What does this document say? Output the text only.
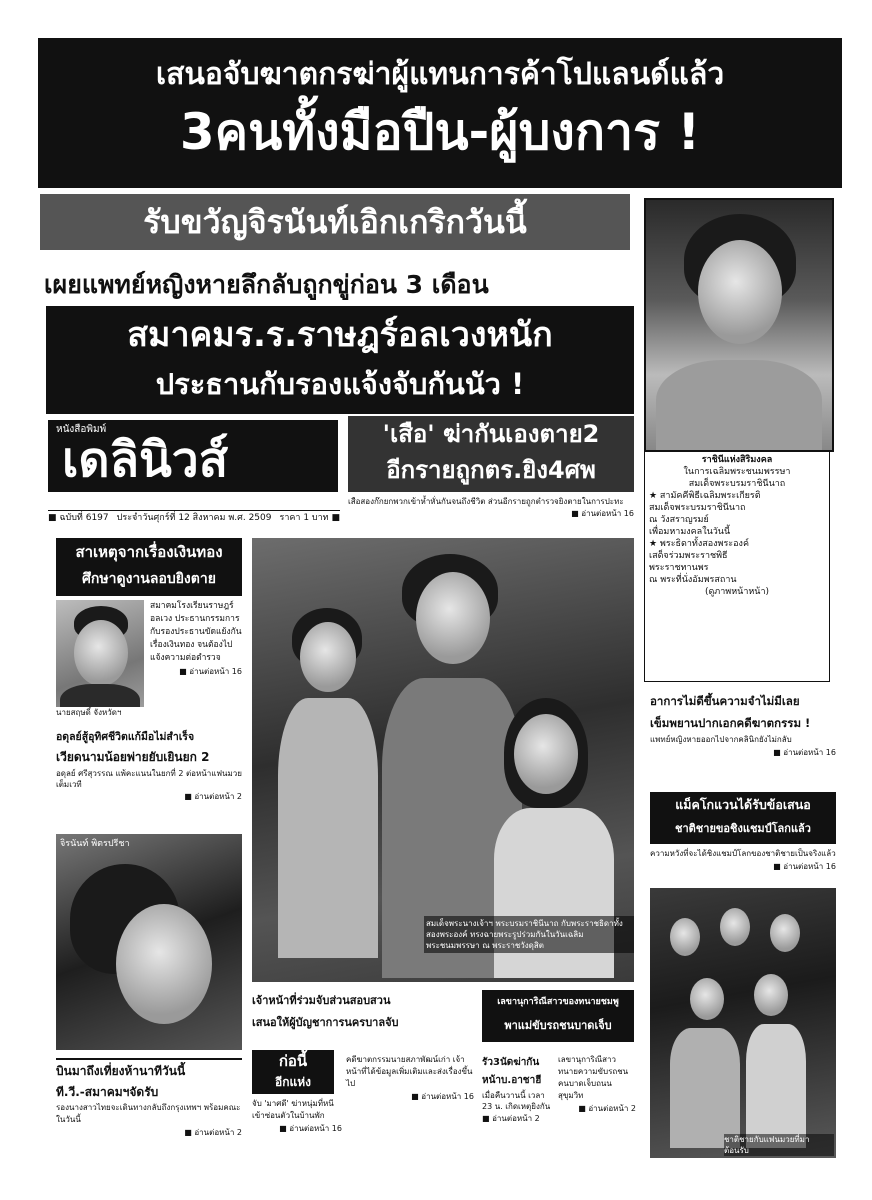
เสนอจับฆาตกรฆ่าผู้แทนการค้าโปแลนด์แล้ว
3คนทั้งมือปืน-ผู้บงการ !
รับขวัญจิรนันท์เอิกเกริกวันนี้
ราชินีแห่งสิริมงคล
ในการเฉลิมพระชนมพรรษา
สมเด็จพระบรมราชินีนาถ
★ สามัคคีพิธีเฉลิมพระเกียรติ
สมเด็จพระบรมราชินีนาถ
ณ วังสราญรมย์
เพื่อมหามงคลในวันนี้
★ พระธิดาทั้งสองพระองค์
เสด็จร่วมพระราชพิธี
พระราชทานพร
ณ พระที่นั่งอัมพรสถาน
(ดูภาพหน้าหน้า)
เผยแพทย์หญิงหายลึกลับถูกขู่ก่อน 3 เดือน
สมาคมร.ร.ราษฎร์อลเวงหนัก
ประธานกับรองแจ้งจับกันนัว !
หนังสือพิมพ์
เดลินิวส์
■ ฉบับที่ 6197 ประจำวันศุกร์ที่ 12 สิงหาคม พ.ศ. 2509 ราคา 1 บาท ■
'เสือ' ฆ่ากันเองตาย2
อีกรายถูกตร.ยิง4ศพ
เสือสองก๊กยกพวกเข้าห้ำหั่นกันจนถึงชีวิต ส่วนอีกรายถูกตำรวจยิงตายในการปะทะ
■ อ่านต่อหน้า 16
สาเหตุจากเรื่องเงินทอง
ศึกษาดูงานลอบยิงตาย
นายสฤษดิ์ จังหวัดฯ
สมาคมโรงเรียนราษฎร์ อลเวง ประธานกรรมการกับรองประธานขัดแย้งกันเรื่องเงินทอง จนต้องไปแจ้งความต่อตำรวจ
■ อ่านต่อหน้า 16
อดุลย์สู้อุทิศชีวิตแก้มือไม่สำเร็จ
เวียดนามน้อยพ่ายยับเยินยก 2
อดุลย์ ศรีสุวรรณ แพ้คะแนนในยกที่ 2 ต่อหน้าแฟนมวยเต็มเวที
■ อ่านต่อหน้า 2
จิรนันท์ พิตรปรีชา
สมเด็จพระนางเจ้าฯ พระบรมราชินีนาถ กับพระราชธิดาทั้งสองพระองค์ ทรงฉายพระรูปร่วมกันในวันเฉลิมพระชนมพรรษา ณ พระราชวังดุสิต
อาการไม่ดีขึ้นความจำไม่มีเลย
เข็มพยานปากเอกคดีฆาตกรรม !
แพทย์หญิงหายออกไปจากคลินิกยังไม่กลับ
■ อ่านต่อหน้า 16
แม็คโกแวนได้รับข้อเสนอ
ชาติชายขอชิงแชมป์โลกแล้ว
ความหวังที่จะได้ชิงแชมป์โลกของชาติชายเป็นจริงแล้ว
■ อ่านต่อหน้า 16
ชาติชายกับแฟนมวยที่มาต้อนรับ
บินมาถึงเที่ยงห้านาทีวันนี้
ที.วี.-สมาคมฯจัดรับ
รองนางสาวไทยจะเดินทางกลับถึงกรุงเทพฯ พร้อมคณะในวันนี้
■ อ่านต่อหน้า 2
เจ้าหน้าที่ร่วมจับส่วนสอบสวน
เสนอให้ผู้บัญชาการนครบาลจับ
ก่อนี้
อีกแห่ง
จับ 'มาศดี' ฆ่าหนุ่มที่หนีเข้าซ่อนตัวในบ้านพัก
■ อ่านต่อหน้า 16
คดีฆาตกรรมนายสภาพัฒน์เก่า เจ้าหน้าที่ได้ข้อมูลเพิ่มเติมและส่งเรื่องขึ้นไป
■ อ่านต่อหน้า 16
เลขานุการิณีสาวของทนายชมพู
พาแม่ขับรถชนบาดเจ็บ
รัว3นัดฆ่ากัน
หน้าบ.อาชาฮี
เมื่อคืนวานนี้ เวลา 23 น. เกิดเหตุยิงกัน
■ อ่านต่อหน้า 2
เลขานุการิณีสาวทนายความขับรถชนคนบาดเจ็บถนนสุขุมวิท
■ อ่านต่อหน้า 2
